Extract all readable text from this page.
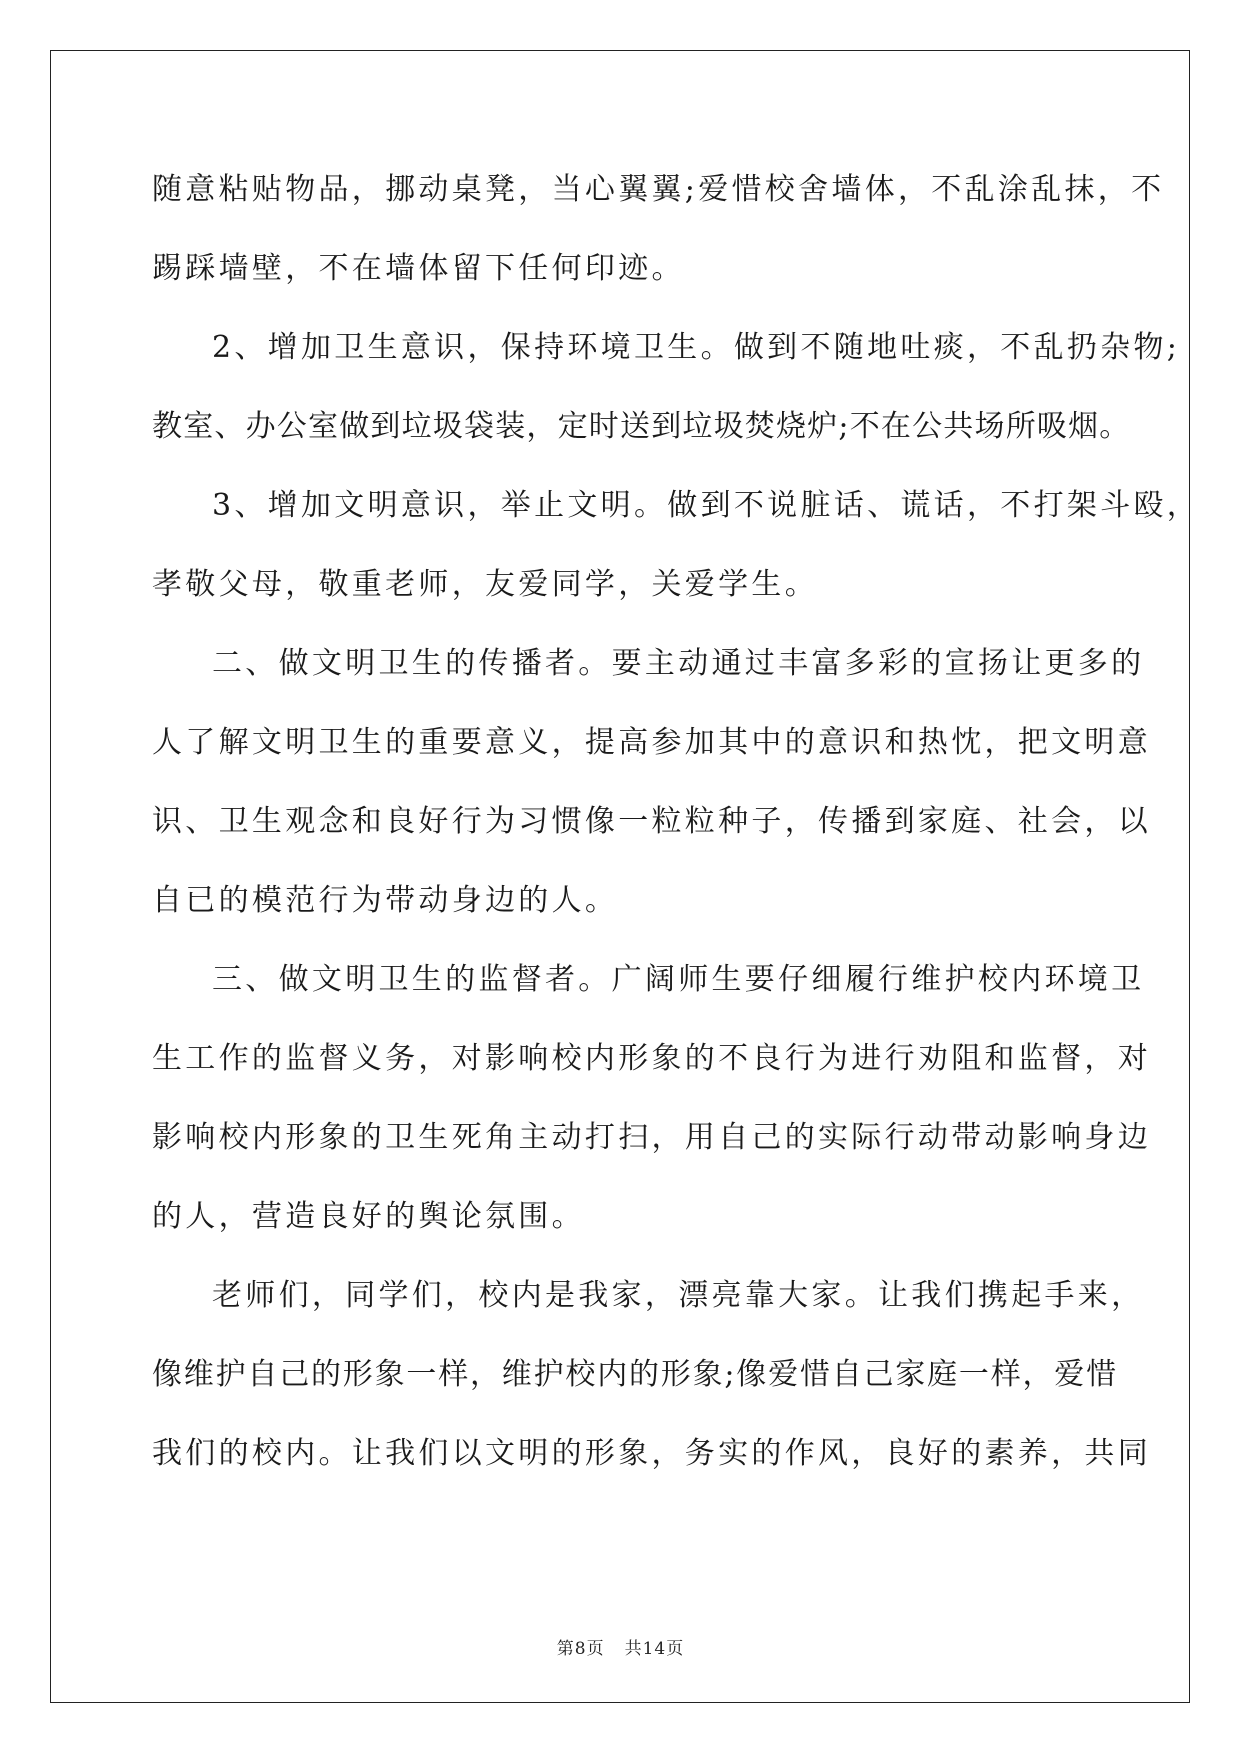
随意粘贴物品，挪动桌凳，当心翼翼;爱惜校舍墙体，不乱涂乱抹，不
踢踩墙壁，不在墙体留下任何印迹。
2、增加卫生意识，保持环境卫生。做到不随地吐痰，不乱扔杂物;
教室、办公室做到垃圾袋装，定时送到垃圾焚烧炉;不在公共场所吸烟。
3、增加文明意识，举止文明。做到不说脏话、谎话，不打架斗殴，
孝敬父母，敬重老师，友爱同学，关爱学生。
二、做文明卫生的传播者。要主动通过丰富多彩的宣扬让更多的
人了解文明卫生的重要意义，提高参加其中的意识和热忱，把文明意
识、卫生观念和良好行为习惯像一粒粒种子，传播到家庭、社会，以
自已的模范行为带动身边的人。
三、做文明卫生的监督者。广阔师生要仔细履行维护校内环境卫
生工作的监督义务，对影响校内形象的不良行为进行劝阻和监督，对
影响校内形象的卫生死角主动打扫，用自己的实际行动带动影响身边
的人，营造良好的舆论氛围。
老师们，同学们，校内是我家，漂亮靠大家。让我们携起手来，
像维护自己的形象一样，维护校内的形象;像爱惜自己家庭一样，爱惜
我们的校内。让我们以文明的形象，务实的作风，良好的素养，共同
第8页 共14页
